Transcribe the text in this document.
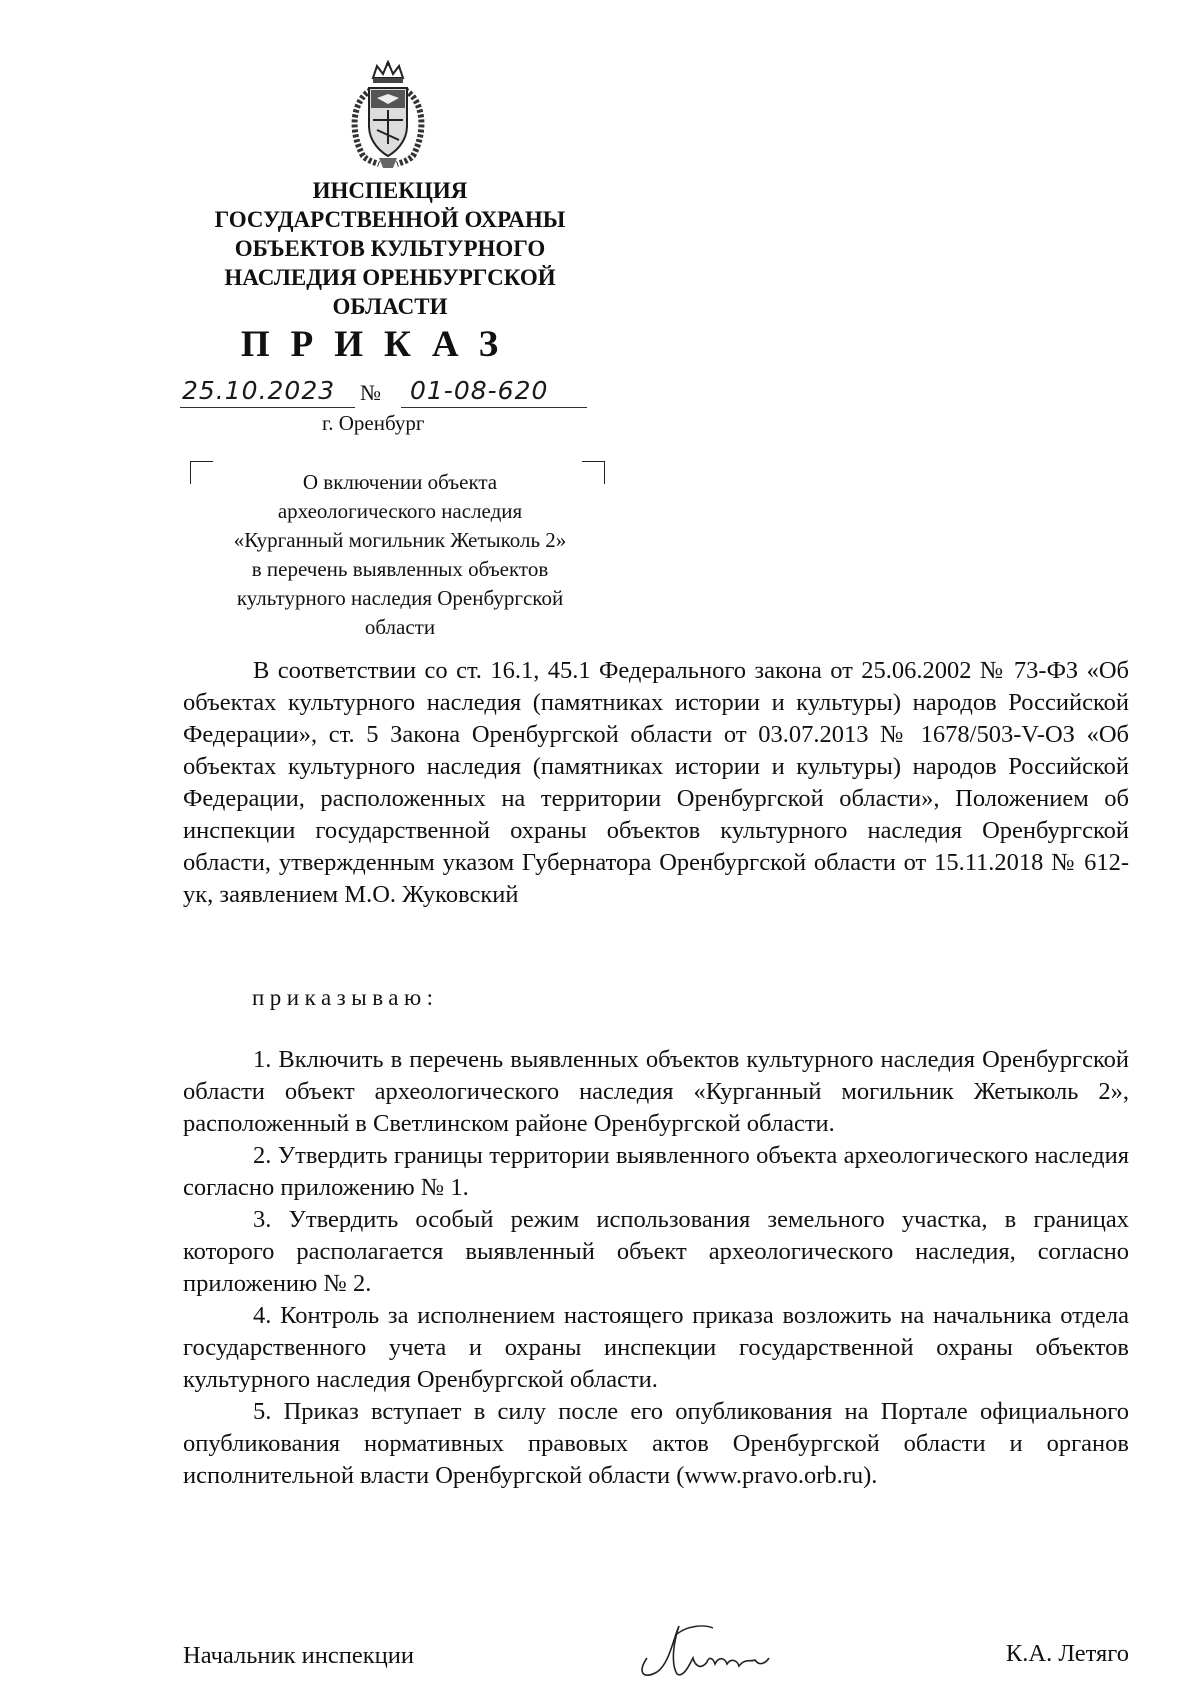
ИНСПЕКЦИЯ
ГОСУДАРСТВЕННОЙ ОХРАНЫ
ОБЪЕКТОВ КУЛЬТУРНОГО
НАСЛЕДИЯ ОРЕНБУРГСКОЙ
ОБЛАСТИ
ПРИКАЗ
25.10.2023 № 01-08-620
г. Оренбург
О включении объекта
археологического наследия
«Курганный могильник Жетыколь 2»
в перечень выявленных объектов
культурного наследия Оренбургской
области
В соответствии со ст. 16.1, 45.1 Федерального закона от 25.06.2002 № 73-ФЗ «Об объектах культурного наследия (памятниках истории и культуры) народов Российской Федерации», ст. 5 Закона Оренбургской области от 03.07.2013 № 1678/503-V-ОЗ «Об объектах культурного наследия (памятниках истории и культуры) народов Российской Федерации, расположенных на территории Оренбургской области», Положением об инспекции государственной охраны объектов культурного наследия Оренбургской области, утвержденным указом Губернатора Оренбургской области от 15.11.2018 № 612-ук, заявлением М.О. Жуковский
приказываю:

1. Включить в перечень выявленных объектов культурного наследия Оренбургской области объект археологического наследия «Курганный могильник Жетыколь 2», расположенный в Светлинском районе Оренбургской области.

2. Утвердить границы территории выявленного объекта археологического наследия согласно приложению № 1.

3. Утвердить особый режим использования земельного участка, в границах которого располагается выявленный объект археологического наследия, согласно приложению № 2.

4. Контроль за исполнением настоящего приказа возложить на начальника отдела государственного учета и охраны инспекции государственной охраны объектов культурного наследия Оренбургской области.

5. Приказ вступает в силу после его опубликования на Портале официального опубликования нормативных правовых актов Оренбургской области и органов исполнительной власти Оренбургской области (www.pravo.orb.ru).

Начальник инспекции	К.А. Летяго
